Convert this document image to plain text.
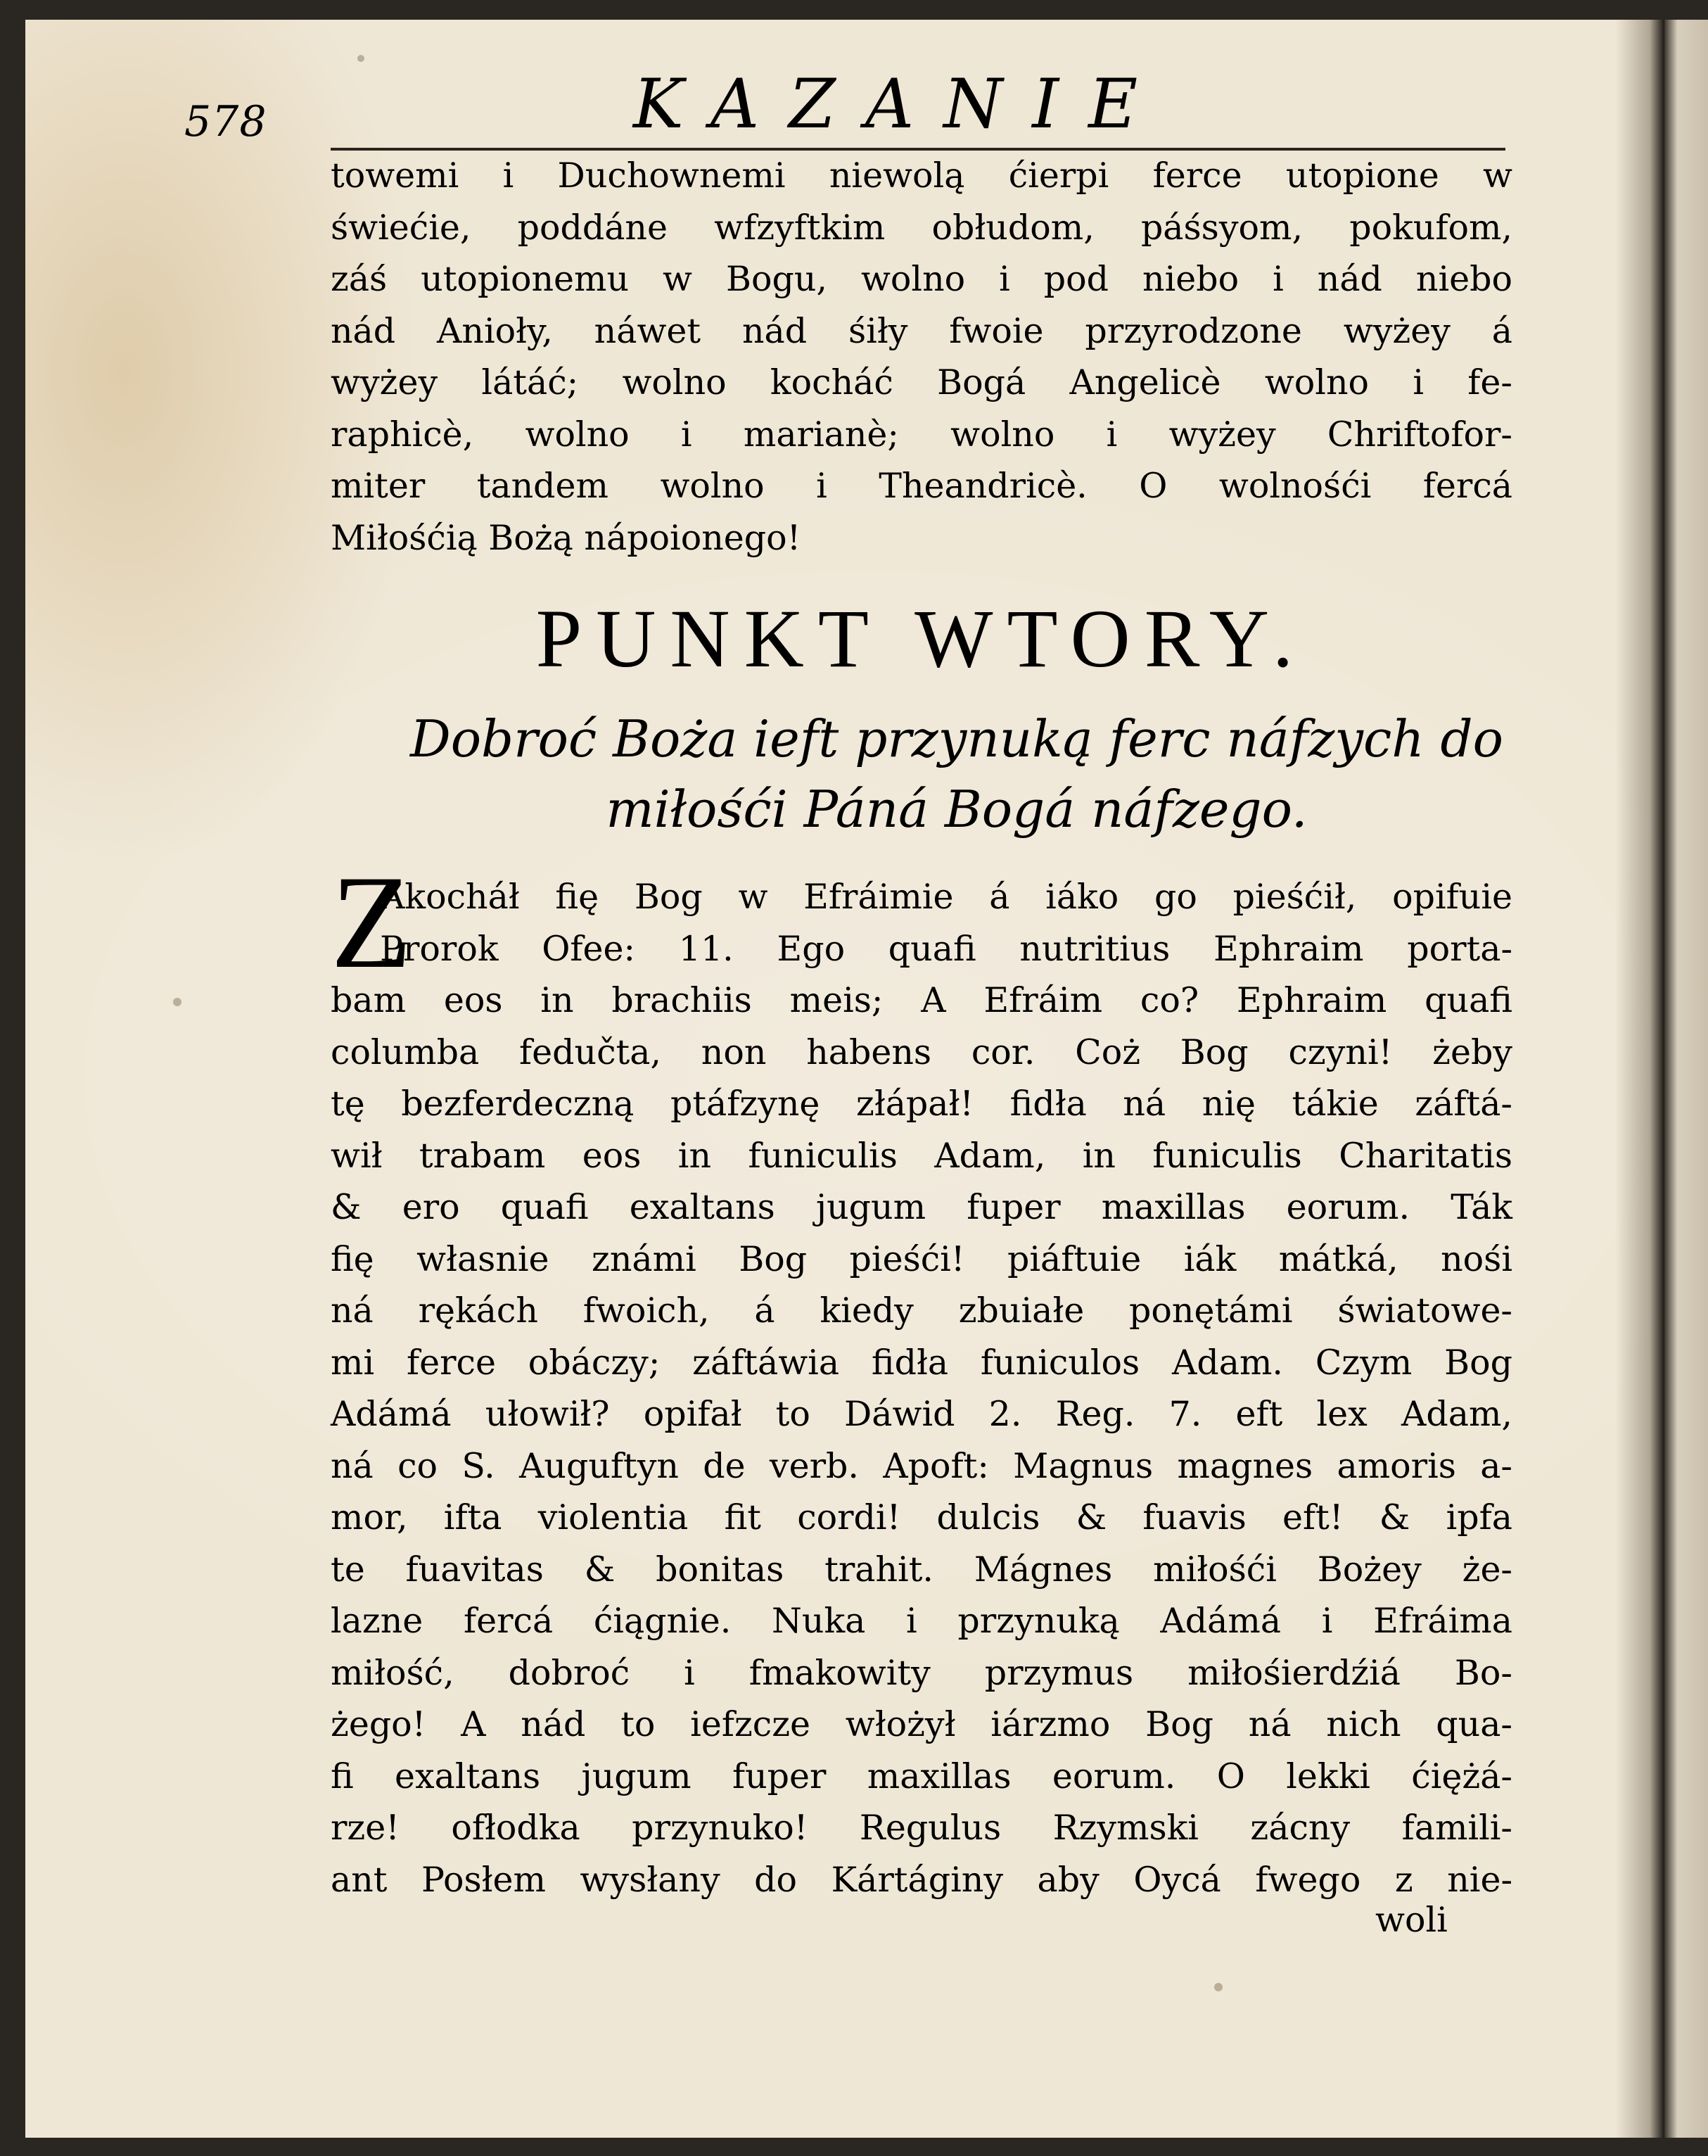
578	KAZANIE
towemi i Duchownemi niewolą ćierpi ferce utopione w
świećie, poddáne wfzyftkim obłudom, páśsyom, pokufom,
záś utopionemu w Bogu, wolno i pod niebo i nád niebo
nád Anioły, náwet nád śiły fwoie przyrodzone wyżey á
wyżey látáć; wolno kocháć Bogá Angelicè wolno i fe-
raphicè, wolno i marianè; wolno i wyżey Chriftofor-
miter tandem wolno i Theandricè. O wolnośći fercá
Miłośćią Bożą nápoionego!
PUNKT WTORY.
Dobroć Boża ieft przynuką ferc náfzych do
miłośći Páná Bogá náfzego.
Z
Akocháł fię Bog w Efráimie á iáko go pieśćił, opifuie
Prorok Ofee: 11. Ego quafi nutritius Ephraim porta-
bam eos in brachiis meis; A Efráim co? Ephraim quafi
columba fedučta, non habens cor. Coż Bog czyni! żeby
tę bezferdeczną ptáfzynę złápał! fidła ná nię tákie záftá-
wił trabam eos in funiculis Adam, in funiculis Charitatis
& ero quafi exaltans jugum fuper maxillas eorum. Ták
fię własnie známi Bog pieśći! piáftuie iák mátká, nośi
ná rękách fwoich, á kiedy zbuiałe ponętámi światowe-
mi ferce obáczy; záftáwia fidła funiculos Adam. Czym Bog
Adámá ułowił? opifał to Dáwid 2. Reg. 7. eft lex Adam,
ná co S. Auguftyn de verb. Apoft: Magnus magnes amoris a-
mor, ifta violentia fit cordi! dulcis & fuavis eft! & ipfa
te fuavitas & bonitas trahit. Mágnes miłośći Bożey że-
lazne fercá ćiągnie. Nuka i przynuką Adámá i Efráima
miłość, dobroć i fmakowity przymus miłośierdźiá Bo-
żego! A nád to iefzcze włożył iárzmo Bog ná nich qua-
fi exaltans jugum fuper maxillas eorum. O lekki ćiężá-
rze! ofłodka przynuko! Regulus Rzymski zácny famili-
ant Posłem wysłany do Kártáginy aby Oycá fwego z nie-
woli
